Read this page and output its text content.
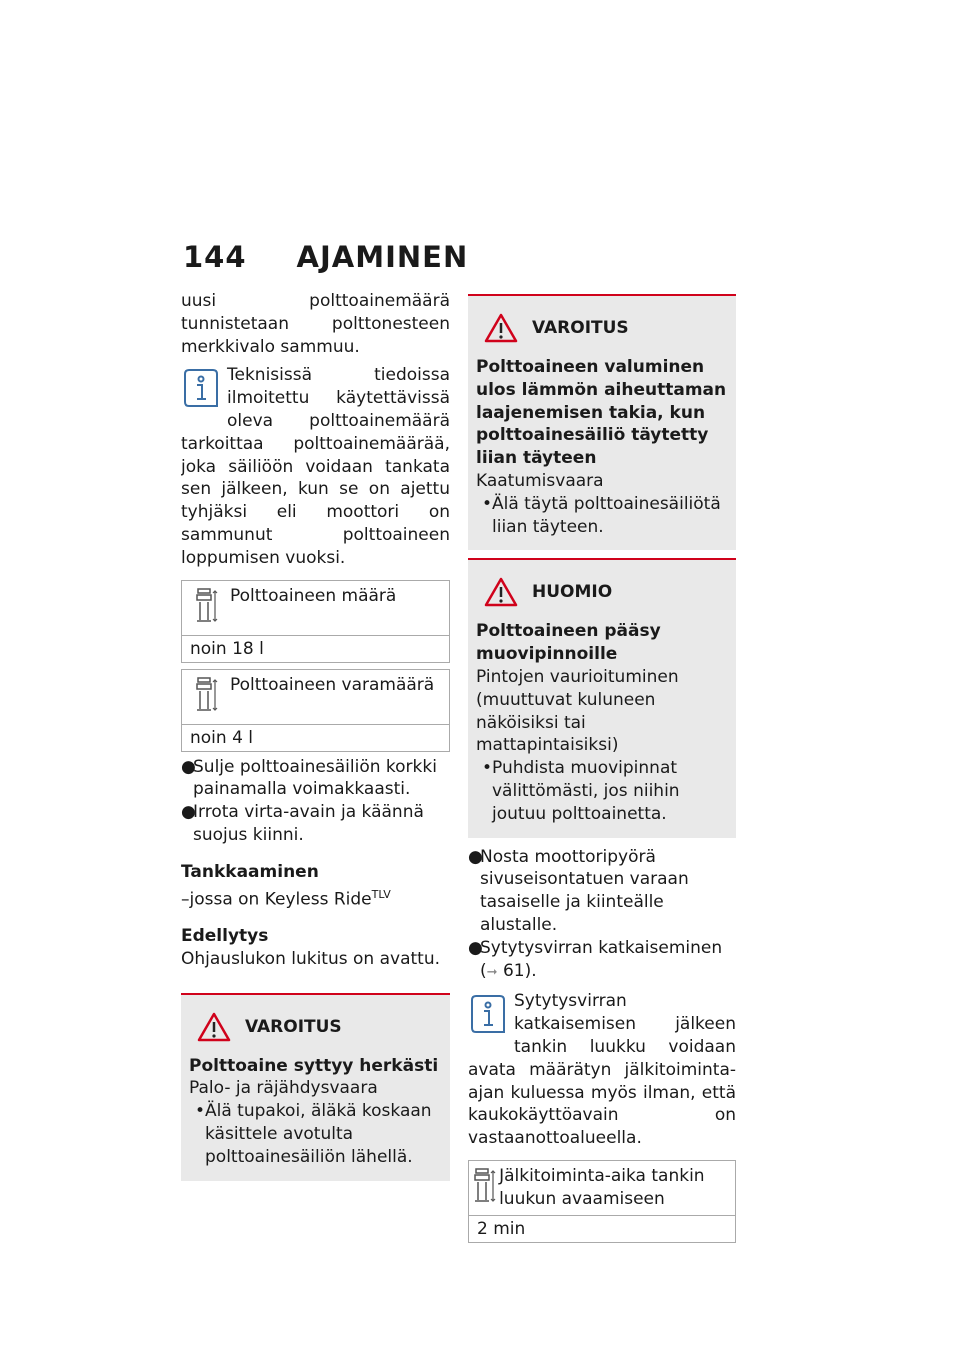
144 AJAMINEN

uusi polttoainemäärä tunnistetaan polttonesteen merkkivalo sammuu.

Teknisissä tiedoissa ilmoitettu käytettävissä oleva polttoainemäärä tarkoittaa polttoainemäärää, joka säiliöön voidaan tankata sen jälkeen, kun se on ajettu tyhjäksi eli moottori on sammunut polttoaineen loppumisen vuoksi.
Polttoaineen määrä
noin 18 l
Polttoaineen varamäärä
noin 4 l
●Sulje polttoainesäiliön korkki painamalla voimakkaasti.
●Irrota virta-avain ja käännä suojus kiinni.
Tankkaaminen
–jossa on Keyless Ride$^{TLV}$
Edellytys
Ohjauslukon lukitus on avattu.
VAROITUS
Polttoaine syttyy herkästi
Palo- ja räjähdysvaara
•Älä tupakoi, äläkä koskaan käsittele avotulta polttoainesäiliön lähellä.
VAROITUS
Polttoaineen valuminen ulos lämmön aiheuttaman laajenemisen takia, kun polttoainesäiliö täytetty liian täyteen
Kaatumisvaara
•Älä täytä polttoainesäiliötä liian täyteen.
HUOMIO
Polttoaineen pääsy muovipinnoille
Pintojen vaurioituminen (muuttuvat kuluneen näköisiksi tai mattapintaisiksi)
•Puhdista muovipinnat välittömästi, jos niihin joutuu polttoainetta.
●Nosta moottoripyörä sivuseisontatuen varaan tasaiselle ja kiinteälle alustalle.
●Sytytysvirran katkaiseminen
(➞ 61).
Sytytysvirran katkaisemisen jälkeen tankin luukku voidaan avata määrätyn jälkitoiminta-ajan kuluessa myös ilman, että kaukokäyttöavain on vastaanottoalueella.
Jälkitoiminta-aika tankin luukun avaamiseen
2 min
